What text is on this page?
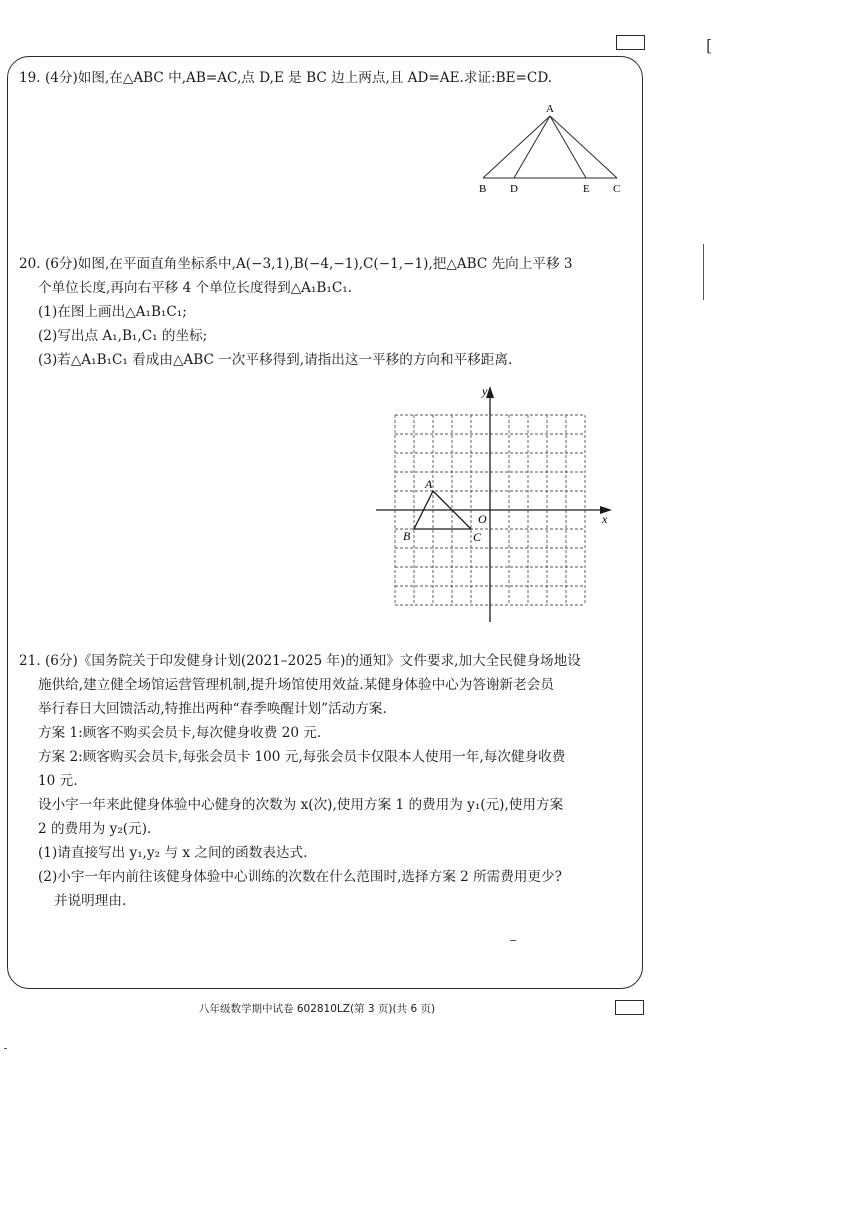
[
19. (4分)如图,在△ABC 中,AB=AC,点 D,E 是 BC 边上两点,且 AD=AE.求证:BE=CD.
A
B D	E C
20. (6分)如图,在平面直角坐标系中,A(−3,1),B(−4,−1),C(−1,−1),把△ABC 先向上平移 3
个单位长度,再向右平移 4 个单位长度得到△A₁B₁C₁.
(1)在图上画出△A₁B₁C₁;
(2)写出点 A₁,B₁,C₁ 的坐标;
(3)若△A₁B₁C₁ 看成由△ABC 一次平移得到,请指出这一平移的方向和平移距离.
y
x
O
A
B	C
21. (6分)《国务院关于印发健身计划(2021–2025 年)的通知》文件要求,加大全民健身场地设
施供给,建立健全场馆运营管理机制,提升场馆使用效益.某健身体验中心为答谢新老会员
举行春日大回馈活动,特推出两种“春季唤醒计划”活动方案.
方案 1:顾客不购买会员卡,每次健身收费 20 元.
方案 2:顾客购买会员卡,每张会员卡 100 元,每张会员卡仅限本人使用一年,每次健身收费
10 元.
设小宇一年来此健身体验中心健身的次数为 x(次),使用方案 1 的费用为 y₁(元),使用方案
2 的费用为 y₂(元).
(1)请直接写出 y₁,y₂ 与 x 之间的函数表达式.
(2)小宇一年内前往该健身体验中心训练的次数在什么范围时,选择方案 2 所需费用更少?
并说明理由.
八年级数学期中试卷 602810LZ(第 3 页)(共 6 页)
